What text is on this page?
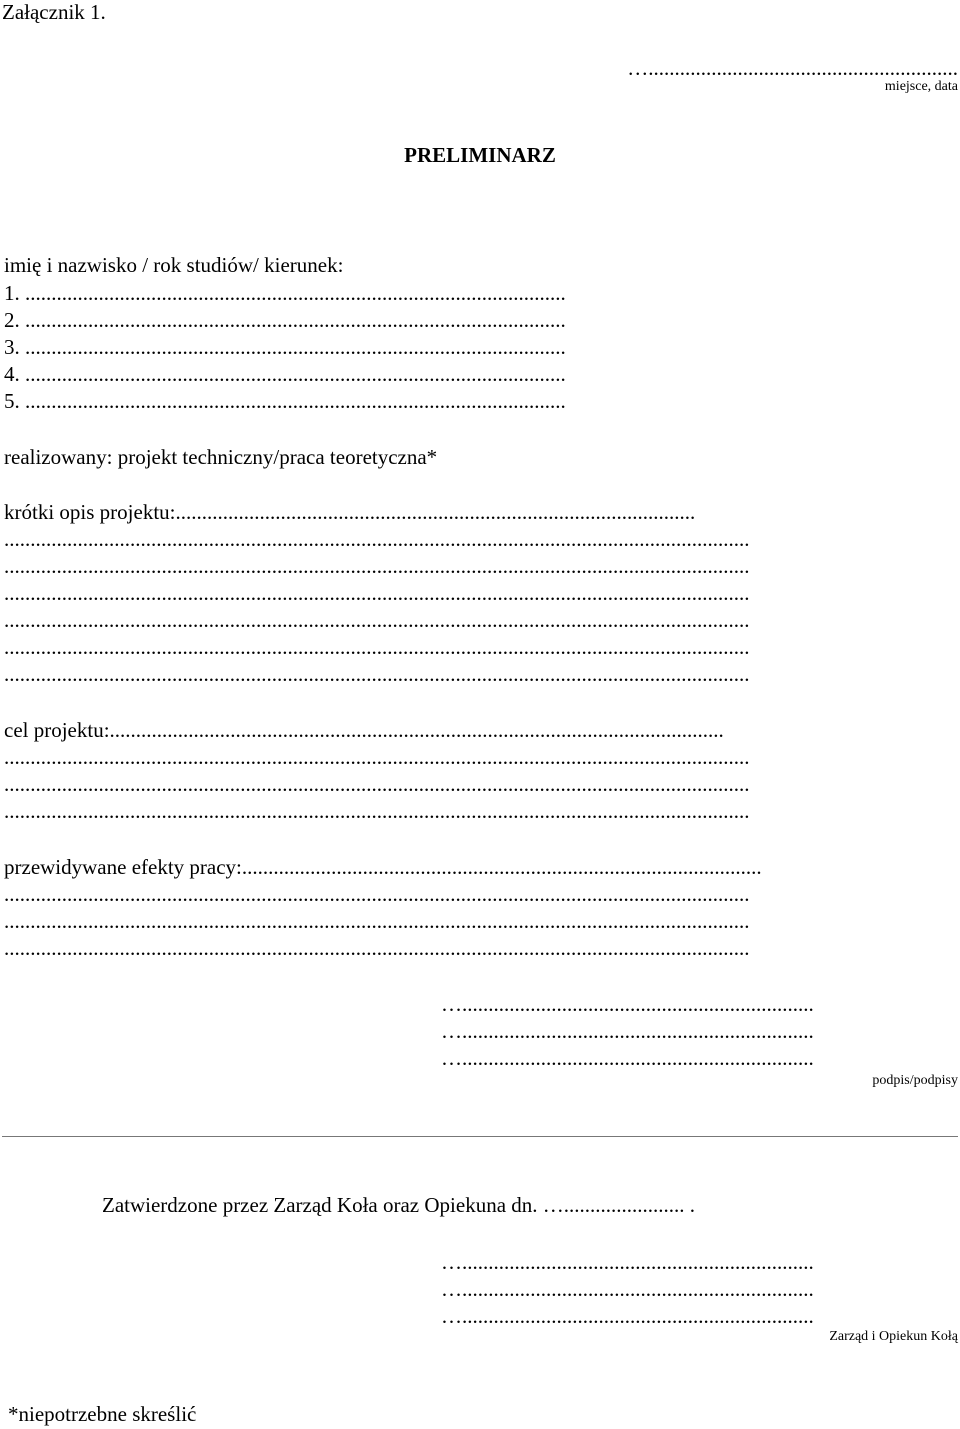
Załącznik 1.
…...........................................................
miejsce, data
PRELIMINARZ
imię i nazwisko / rok studiów/ kierunek:
1. .......................................................................................................
2. .......................................................................................................
3. .......................................................................................................
4. .......................................................................................................
5. .......................................................................................................
realizowany: projekt techniczny/praca teoretyczna*
krótki opis projektu:...................................................................................................
..............................................................................................................................................
..............................................................................................................................................
..............................................................................................................................................
..............................................................................................................................................
..............................................................................................................................................
..............................................................................................................................................
cel projektu:.....................................................................................................................
..............................................................................................................................................
..............................................................................................................................................
..............................................................................................................................................
przewidywane efekty pracy:...................................................................................................
..............................................................................................................................................
..............................................................................................................................................
..............................................................................................................................................
…...................................................................
…...................................................................
…...................................................................
podpis/podpisy
Zatwierdzone przez Zarząd Koła oraz Opiekuna dn. …....................... .
…...................................................................
…...................................................................
…...................................................................
Zarząd i Opiekun Kołą
*niepotrzebne skreślić
